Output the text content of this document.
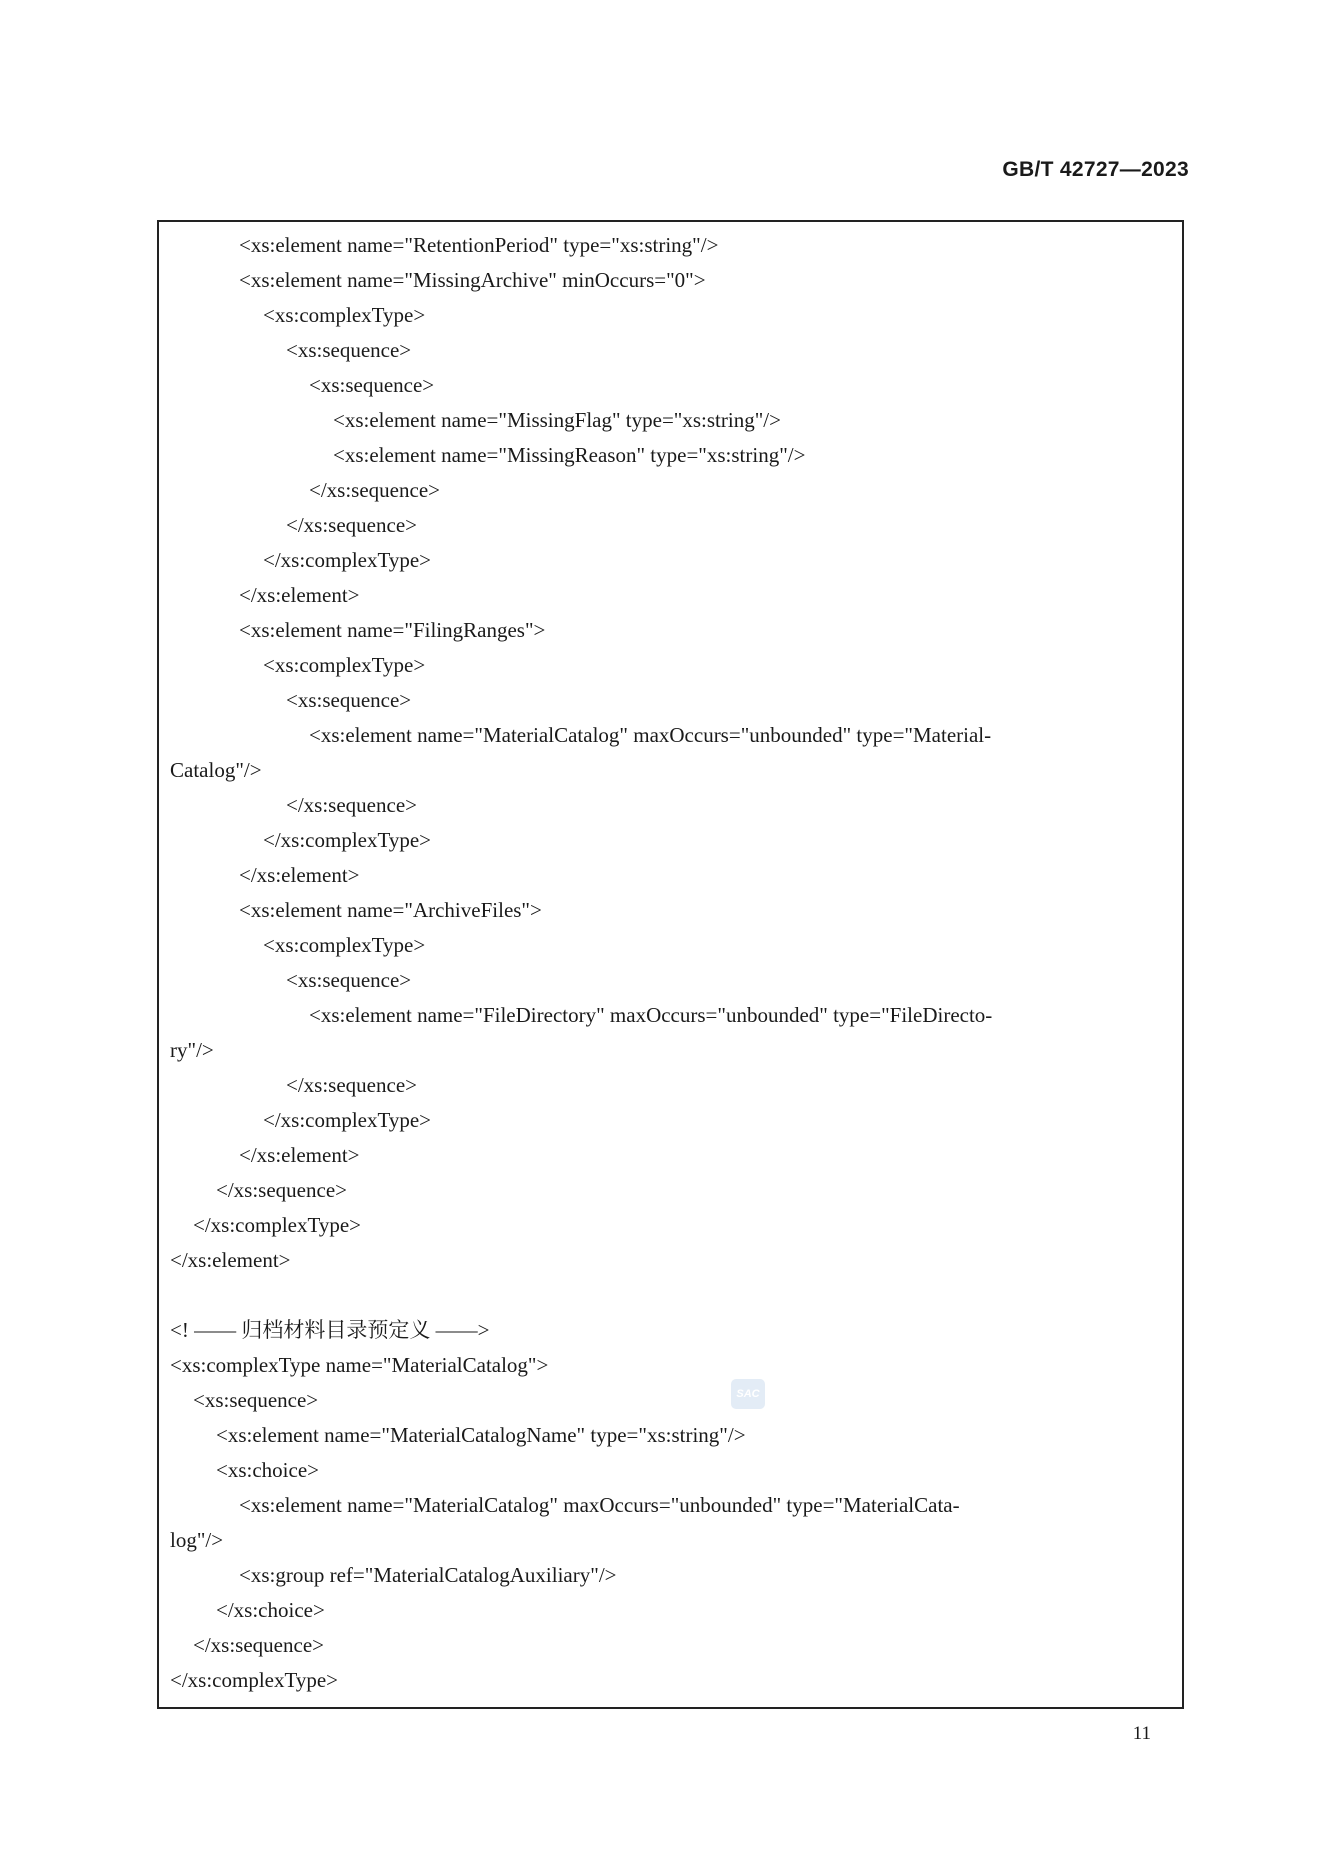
GB/T 42727—2023
<xs:element name="RetentionPeriod" type="xs:string"/>
<xs:element name="MissingArchive" minOccurs="0">
<xs:complexType>
<xs:sequence>
<xs:sequence>
<xs:element name="MissingFlag" type="xs:string"/>
<xs:element name="MissingReason" type="xs:string"/>
</xs:sequence>
</xs:sequence>
</xs:complexType>
</xs:element>
<xs:element name="FilingRanges">
<xs:complexType>
<xs:sequence>
<xs:element name="MaterialCatalog" maxOccurs="unbounded" type="Material-
Catalog"/>
</xs:sequence>
</xs:complexType>
</xs:element>
<xs:element name="ArchiveFiles">
<xs:complexType>
<xs:sequence>
<xs:element name="FileDirectory" maxOccurs="unbounded" type="FileDirecto-
ry"/>
</xs:sequence>
</xs:complexType>
</xs:element>
</xs:sequence>
</xs:complexType>
</xs:element>
<! —— 归档材料目录预定义 ——>
<xs:complexType name="MaterialCatalog">
<xs:sequence>
<xs:element name="MaterialCatalogName" type="xs:string"/>
<xs:choice>
<xs:element name="MaterialCatalog" maxOccurs="unbounded" type="MaterialCata-
log"/>
<xs:group ref="MaterialCatalogAuxiliary"/>
</xs:choice>
</xs:sequence>
</xs:complexType>
SAC
11
